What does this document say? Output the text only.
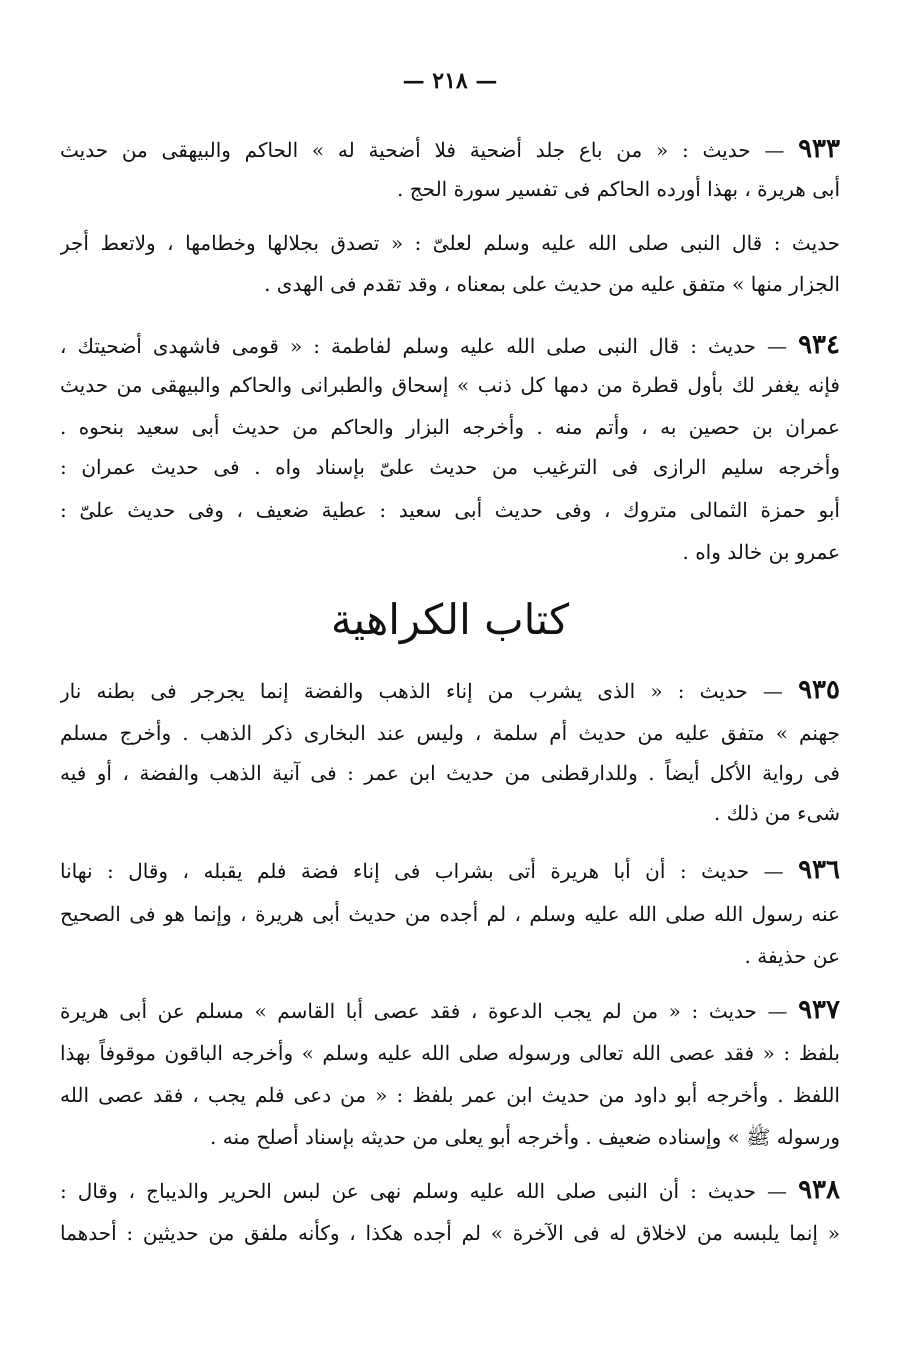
— ٢١٨ —
٩٣٣ — حديث : « من باع جلد أضحية فلا أضحية له » الحاكم والبيهقى من حديث
أبى هريرة ، بهذا أورده الحاكم فى تفسير سورة الحج .
حديث : قال النبى صلى الله عليه وسلم لعلىّ : « تصدق بجلالها وخطامها ، ولاتعط أجر
الجزار منها » متفق عليه من حديث على بمعناه ، وقد تقدم فى الهدى .
٩٣٤ — حديث : قال النبى صلى الله عليه وسلم لفاطمة : « قومى فاشهدى أضحيتك ،
فإنه يغفر لك بأول قطرة من دمها كل ذنب » إسحاق والطبرانى والحاكم والبيهقى من حديث
عمران بن حصين به ، وأتم منه . وأخرجه البزار والحاكم من حديث أبى سعيد بنحوه .
وأخرجه سليم الرازى فى الترغيب من حديث علىّ بإسناد واه . فى حديث عمران :
أبو حمزة الثمالى متروك ، وفى حديث أبى سعيد : عطية ضعيف ، وفى حديث علىّ :
عمرو بن خالد واه .
كتاب الكراهية
٩٣٥ — حديث : « الذى يشرب من إناء الذهب والفضة إنما يجرجر فى بطنه نار
جهنم » متفق عليه من حديث أم سلمة ، وليس عند البخارى ذكر الذهب . وأخرج مسلم
فى رواية الأكل أيضاً . وللدارقطنى من حديث ابن عمر : فى آنية الذهب والفضة ، أو فيه
شىء من ذلك .
٩٣٦ — حديث : أن أبا هريرة أتى بشراب فى إناء فضة فلم يقبله ، وقال : نهانا
عنه رسول الله صلى الله عليه وسلم ، لم أجده من حديث أبى هريرة ، وإنما هو فى الصحيح
عن حذيفة .
٩٣٧ — حديث : « من لم يجب الدعوة ، فقد عصى أبا القاسم » مسلم عن أبى هريرة
بلفظ : « فقد عصى الله تعالى ورسوله صلى الله عليه وسلم » وأخرجه الباقون موقوفاً بهذا
اللفظ . وأخرجه أبو داود من حديث ابن عمر بلفظ : « من دعى فلم يجب ، فقد عصى الله
ورسوله ﷺ » وإسناده ضعيف . وأخرجه أبو يعلى من حديثه بإسناد أصلح منه .
٩٣٨ — حديث : أن النبى صلى الله عليه وسلم نهى عن لبس الحرير والديباج ، وقال :
« إنما يلبسه من لاخلاق له فى الآخرة » لم أجده هكذا ، وكأنه ملفق من حديثين : أحدهما
